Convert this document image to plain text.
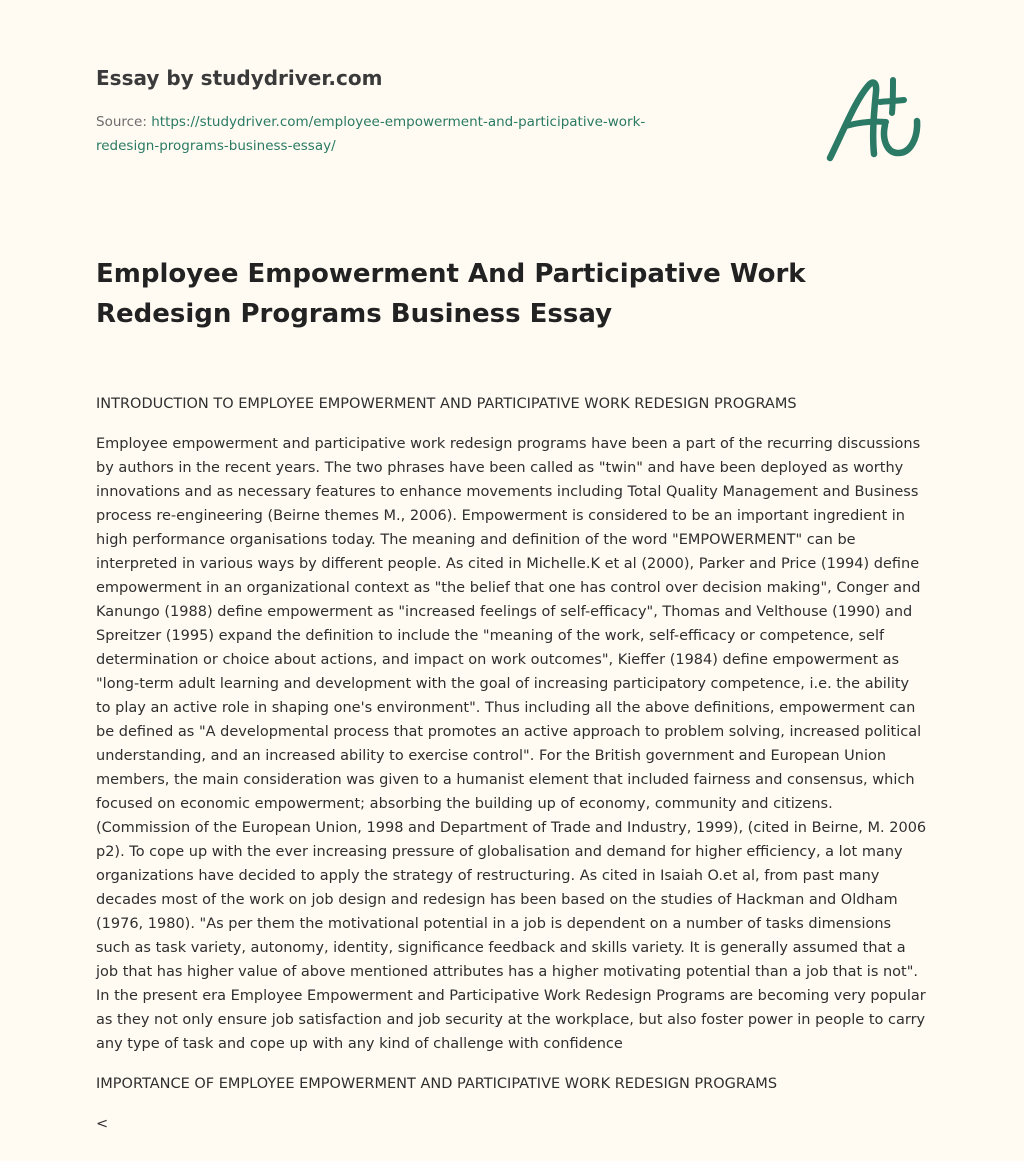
Essay by studydriver.com
Source: https://studydriver.com/employee-empowerment-and-participative-work-
redesign-programs-business-essay/
Employee Empowerment And Participative Work
Redesign Programs Business Essay

INTRODUCTION TO EMPLOYEE EMPOWERMENT AND PARTICIPATIVE WORK REDESIGN PROGRAMS

Employee empowerment and participative work redesign programs have been a part of the recurring discussions by authors in the recent years. The two phrases have been called as "twin" and have been deployed as worthy innovations and as necessary features to enhance movements including Total Quality Management and Business process re-engineering (Beirne themes M., 2006). Empowerment is considered to be an important ingredient in high performance organisations today. The meaning and definition of the word "EMPOWERMENT" can be interpreted in various ways by different people. As cited in Michelle.K et al (2000), Parker and Price (1994) define empowerment in an organizational context as "the belief that one has control over decision making", Conger and Kanungo (1988) define empowerment as "increased feelings of self-efficacy", Thomas and Velthouse (1990) and Spreitzer (1995) expand the definition to include the "meaning of the work, self-efficacy or competence, self determination or choice about actions, and impact on work outcomes", Kieffer (1984) define empowerment as "long-term adult learning and development with the goal of increasing participatory competence, i.e. the ability to play an active role in shaping one's environment". Thus including all the above definitions, empowerment can be defined as "A developmental process that promotes an active approach to problem solving, increased political understanding, and an increased ability to exercise control". For the British government and European Union members, the main consideration was given to a humanist element that included fairness and consensus, which focused on economic empowerment; absorbing the building up of economy, community and citizens. (Commission of the European Union, 1998 and Department of Trade and Industry, 1999), (cited in Beirne, M. 2006 p2). To cope up with the ever increasing pressure of globalisation and demand for higher efficiency, a lot many organizations have decided to apply the strategy of restructuring. As cited in Isaiah O.et al, from past many decades most of the work on job design and redesign has been based on the studies of Hackman and Oldham (1976, 1980). "As per them the motivational potential in a job is dependent on a number of tasks dimensions such as task variety, autonomy, identity, significance feedback and skills variety. It is generally assumed that a job that has higher value of above mentioned attributes has a higher motivating potential than a job that is not". In the present era Employee Empowerment and Participative Work Redesign Programs are becoming very popular as they not only ensure job satisfaction and job security at the workplace, but also foster power in people to carry any type of task and cope up with any kind of challenge with confidence

IMPORTANCE OF EMPLOYEE EMPOWERMENT AND PARTICIPATIVE WORK REDESIGN PROGRAMS

<
